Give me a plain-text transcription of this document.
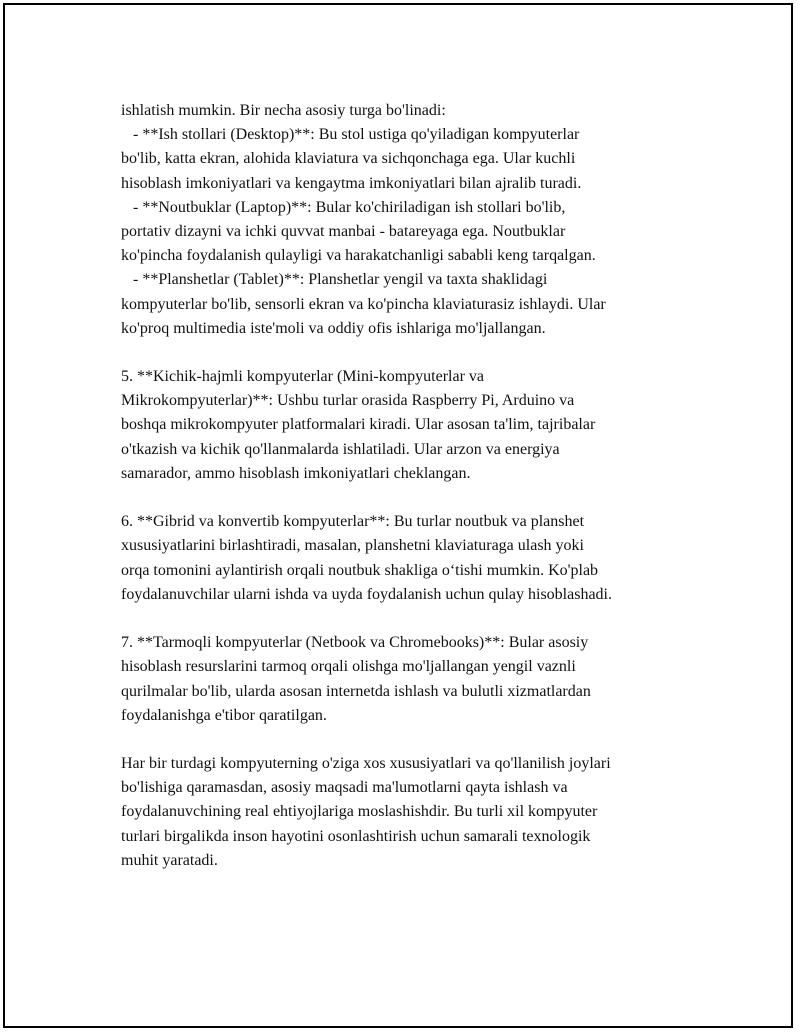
ishlatish mumkin. Bir necha asosiy turga bo'linadi:
- **Ish stollari (Desktop)**: Bu stol ustiga qo'yiladigan kompyuterlar
bo'lib, katta ekran, alohida klaviatura va sichqonchaga ega. Ular kuchli
hisoblash imkoniyatlari va kengaytma imkoniyatlari bilan ajralib turadi.
- **Noutbuklar (Laptop)**: Bular ko'chiriladigan ish stollari bo'lib,
portativ dizayni va ichki quvvat manbai - batareyaga ega. Noutbuklar
ko'pincha foydalanish qulayligi va harakatchanligi sababli keng tarqalgan.
- **Planshetlar (Tablet)**: Planshetlar yengil va taxta shaklidagi
kompyuterlar bo'lib, sensorli ekran va ko'pincha klaviaturasiz ishlaydi. Ular
ko'proq multimedia iste'moli va oddiy ofis ishlariga mo'ljallangan.
5. **Kichik-hajmli kompyuterlar (Mini-kompyuterlar va
Mikrokompyuterlar)**: Ushbu turlar orasida Raspberry Pi, Arduino va
boshqa mikrokompyuter platformalari kiradi. Ular asosan ta'lim, tajribalar
o'tkazish va kichik qo'llanmalarda ishlatiladi. Ular arzon va energiya
samarador, ammo hisoblash imkoniyatlari cheklangan.
6. **Gibrid va konvertib kompyuterlar**: Bu turlar noutbuk va planshet
xususiyatlarini birlashtiradi, masalan, planshetni klaviaturaga ulash yoki
orqa tomonini aylantirish orqali noutbuk shakliga oʻtishi mumkin. Ko'plab
foydalanuvchilar ularni ishda va uyda foydalanish uchun qulay hisoblashadi.
7. **Tarmoqli kompyuterlar (Netbook va Chromebooks)**: Bular asosiy
hisoblash resurslarini tarmoq orqali olishga mo'ljallangan yengil vaznli
qurilmalar bo'lib, ularda asosan internetda ishlash va bulutli xizmatlardan
foydalanishga e'tibor qaratilgan.
Har bir turdagi kompyuterning o'ziga xos xususiyatlari va qo'llanilish joylari
bo'lishiga qaramasdan, asosiy maqsadi ma'lumotlarni qayta ishlash va
foydalanuvchining real ehtiyojlariga moslashishdir. Bu turli xil kompyuter
turlari birgalikda inson hayotini osonlashtirish uchun samarali texnologik
muhit yaratadi.
